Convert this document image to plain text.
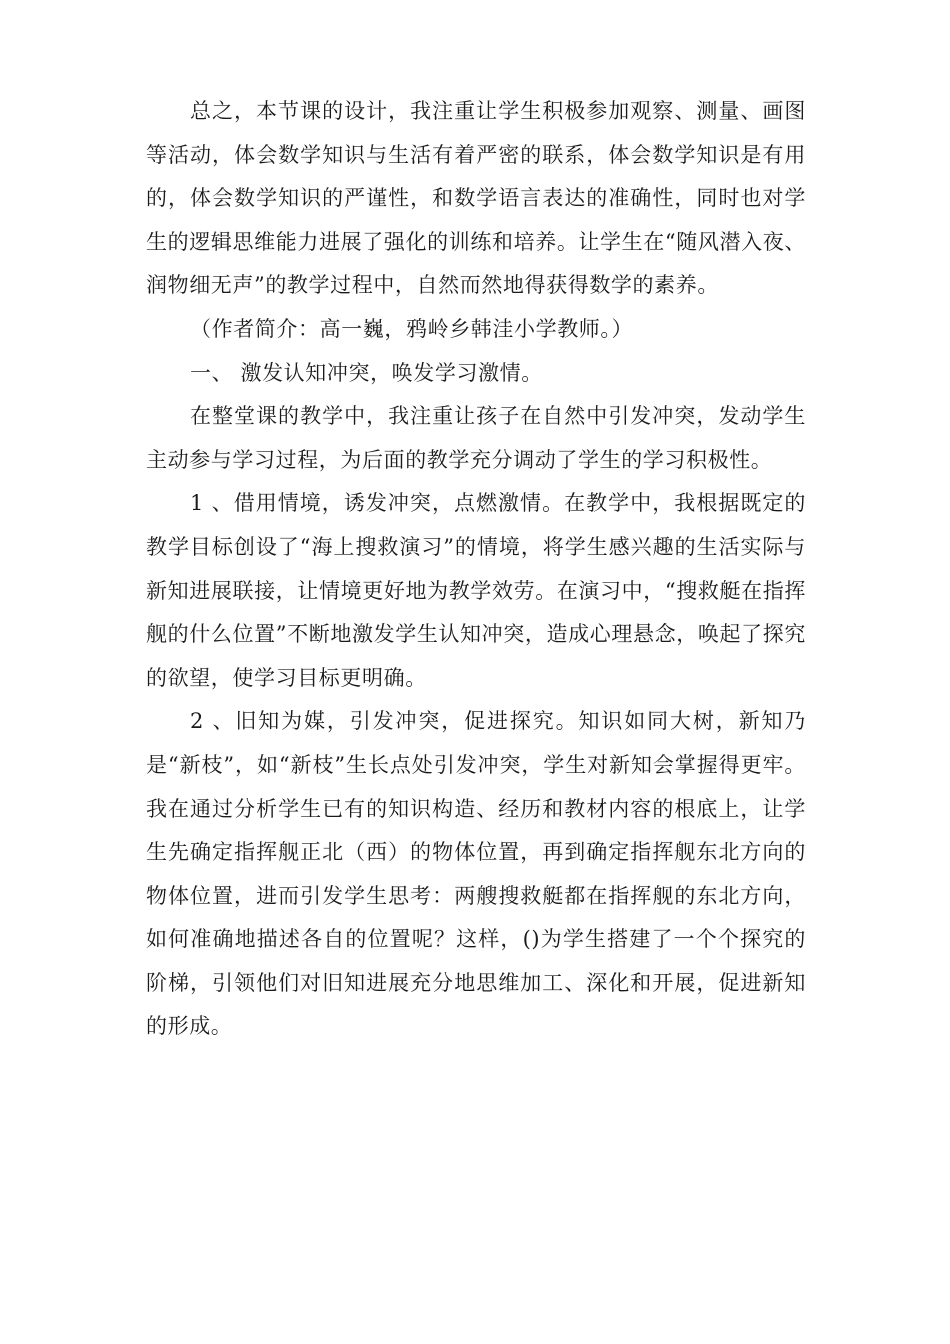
总之，本节课的设计，我注重让学生积极参加观察、测量、画图等活动，体会数学知识与生活有着严密的联系，体会数学知识是有用的，体会数学知识的严谨性，和数学语言表达的准确性，同时也对学生的逻辑思维能力进展了强化的训练和培养。让学生在“随风潜入夜、润物细无声”的教学过程中，自然而然地得获得数学的素养。

（作者简介：高一巍，鸦岭乡韩洼小学教师。）

一、 激发认知冲突，唤发学习激情。

在整堂课的教学中，我注重让孩子在自然中引发冲突，发动学生主动参与学习过程，为后面的教学充分调动了学生的学习积极性。

1 、借用情境，诱发冲突，点燃激情。在教学中，我根据既定的教学目标创设了“海上搜救演习”的情境，将学生感兴趣的生活实际与新知进展联接，让情境更好地为教学效劳。在演习中，“搜救艇在指挥舰的什么位置”不断地激发学生认知冲突，造成心理悬念，唤起了探究的欲望，使学习目标更明确。

2 、旧知为媒，引发冲突，促进探究。知识如同大树，新知乃是“新枝”，如“新枝”生长点处引发冲突，学生对新知会掌握得更牢。我在通过分析学生已有的知识构造、经历和教材内容的根底上，让学生先确定指挥舰正北（西）的物体位置，再到确定指挥舰东北方向的物体位置，进而引发学生思考：两艘搜救艇都在指挥舰的东北方向，如何准确地描述各自的位置呢？这样，()为学生搭建了一个个探究的阶梯，引领他们对旧知进展充分地思维加工、深化和开展，促进新知的形成。
